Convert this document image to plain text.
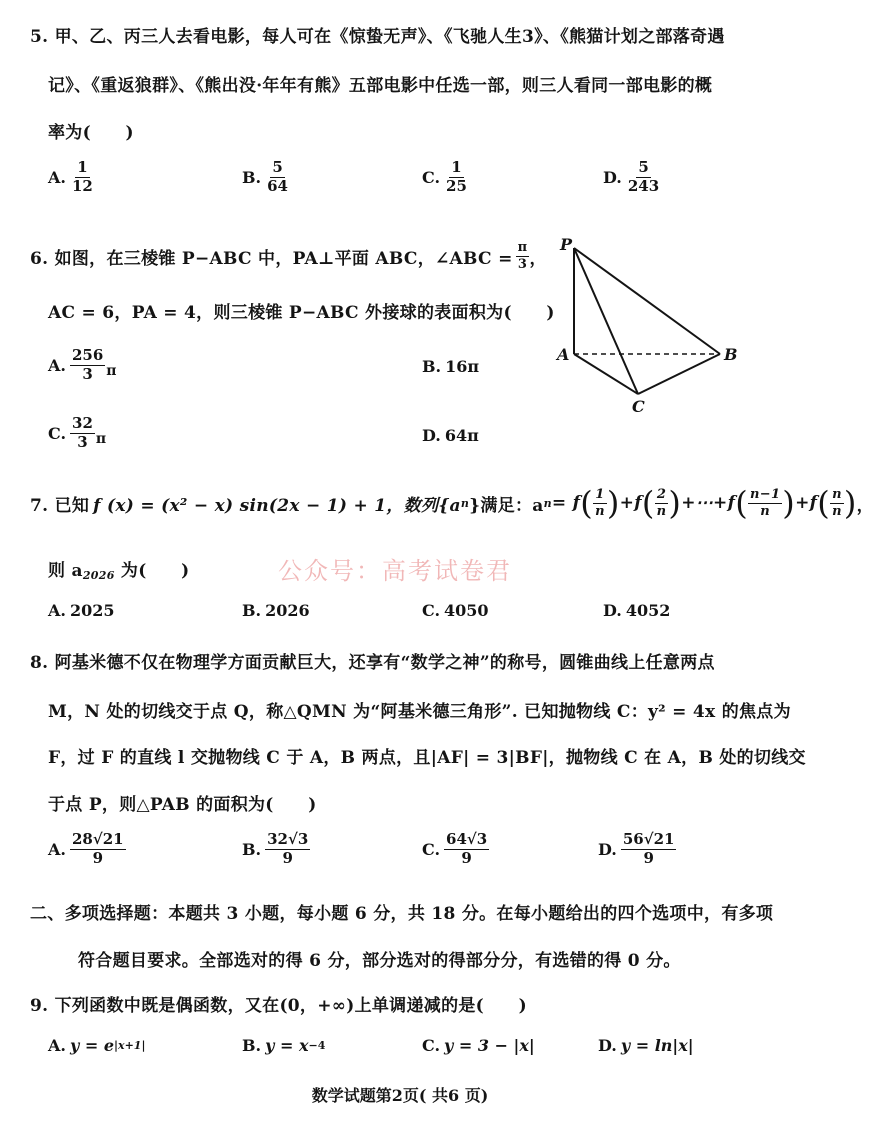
5. 甲、乙、丙三人去看电影，每人可在《惊蛰无声》、《飞驰人生3》、《熊猫计划之部落奇遇
记》、《重返狼群》、《熊出没·年年有熊》五部电影中任选一部，则三人看同一部电影的概
率为(　　)
A. $\frac{1}{12}$	B. $\frac{5}{64}$	C. $\frac{1}{25}$	D. $\frac{5}{243}$
6. 如图，在三棱锥 P−ABC 中，PA⊥平面 ABC，∠ABC = $\frac{\pi}{3}$ ，
AC = 6，PA = 4，则三棱锥 P−ABC 外接球的表面积为(　　)
A. $\frac{256}{3}$ π	B. 16π
C. $\frac{32}{3}$ π	D. 64π
P
A	B
C
7. 已知 f (x) = (x² − x) sin(2x − 1) + 1，数列{a n }满足：a n = f ( $\frac{1}{n}$ ) +f ( $\frac{2}{n}$ ) +⋯+f ( $\frac{n-1}{n}$ ) +f ( $\frac{n}{n}$ ) ，
则 $a_{2026}$ 为(　　)	公众号：高考试卷君
A. 2025	B. 2026	C. 4050	D. 4052
8. 阿基米德不仅在物理学方面贡献巨大，还享有“数学之神”的称号，圆锥曲线上任意两点
M，N 处的切线交于点 Q，称△QMN 为“阿基米德三角形”. 已知抛物线 C：y² = 4x 的焦点为
F，过 F 的直线 l 交抛物线 C 于 A，B 两点，且|AF| = 3|BF|，抛物线 C 在 A，B 处的切线交
于点 P，则△PAB 的面积为(　　)
A. $\frac{28√21}{9}$	B. $\frac{32√3}{9}$	C. $\frac{64√3}{9}$	D. $\frac{56√21}{9}$
二、多项选择题：本题共 3 小题，每小题 6 分，共 18 分。在每小题给出的四个选项中，有多项
符合题目要求。全部选对的得 6 分，部分选对的得部分分，有选错的得 0 分。
9. 下列函数中既是偶函数，又在(0，+∞)上单调递减的是(　　)
A. y = e |x+1|	B. y = x −4	C. y = 3 − |x|	D. y = ln|x|
数学试题第2页( 共6 页)
